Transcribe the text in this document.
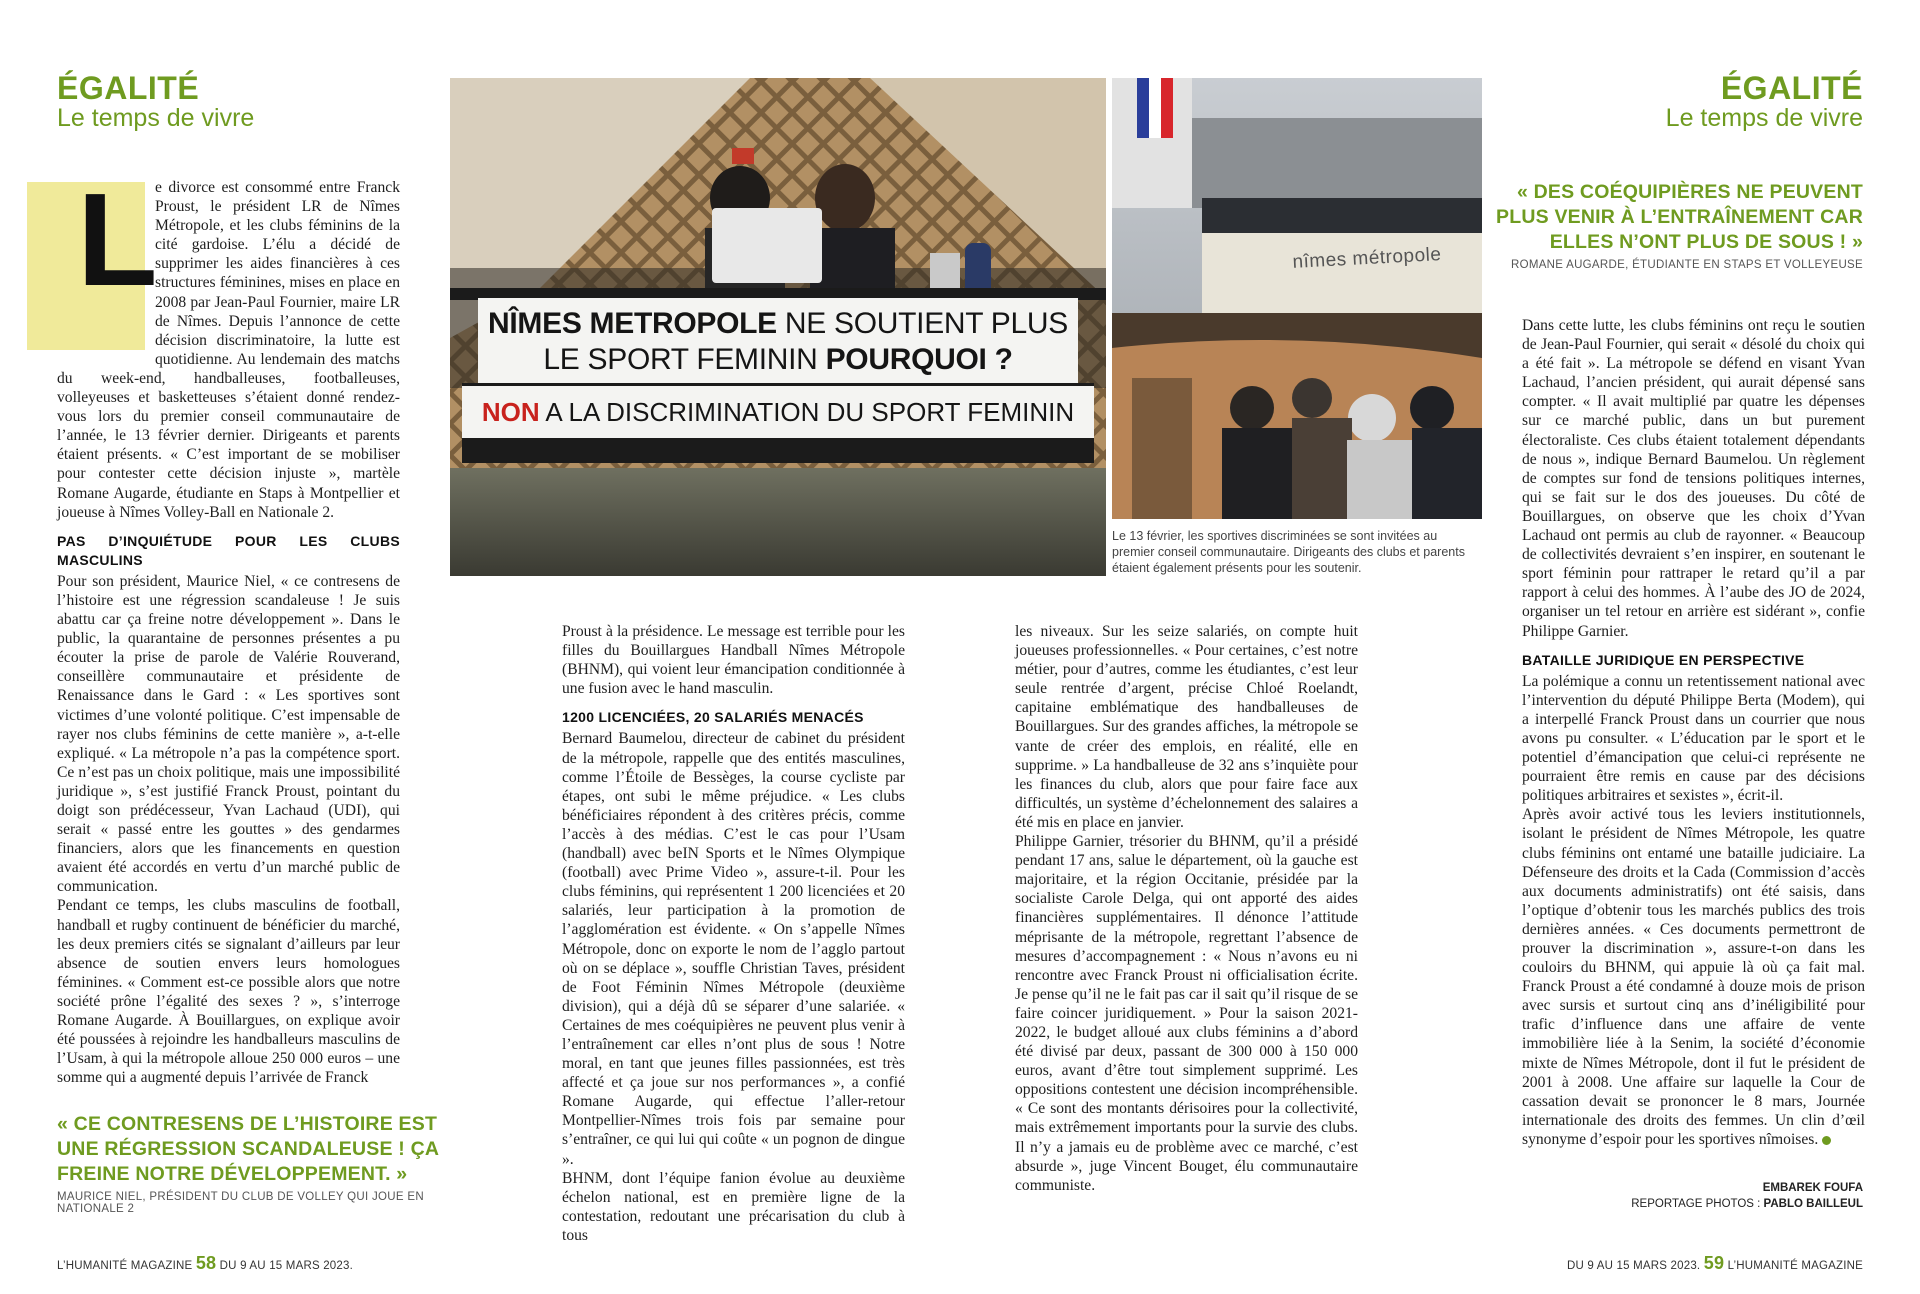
ÉGALITÉ
Le temps de vivre
ÉGALITÉ
Le temps de vivre
L

e divorce est consommé entre Franck Proust, le président LR de Nîmes Métropole, et les clubs féminins de la cité gardoise. L’élu a décidé de supprimer les aides financières à ces structures féminines, mises en place en 2008 par Jean-Paul Fournier, maire LR de Nîmes. Depuis l’annonce de cette décision discriminatoire, la lutte est quotidienne. Au lendemain des matchs du week-end, handballeuses, footballeuses, volleyeuses et basketteuses s’étaient donné rendez-vous lors du premier conseil communautaire de l’année, le 13 février dernier. Dirigeants et parents étaient présents. « C’est important de se mobiliser pour contester cette décision injuste », martèle Romane Augarde, étudiante en Staps à Montpellier et joueuse à Nîmes Volley-Ball en Nationale 2.

PAS D’INQUIÉTUDE POUR LES CLUBS MASCULINS

Pour son président, Maurice Niel, « ce contresens de l’histoire est une régression scandaleuse ! Je suis abattu car ça freine notre développement ». Dans le public, la quarantaine de personnes présentes a pu écouter la prise de parole de Valérie Rouverand, conseillère communautaire et présidente de Renaissance dans le Gard : « Les sportives sont victimes d’une volonté politique. C’est impensable de rayer nos clubs féminins de cette manière », a-t-elle expliqué. « La métropole n’a pas la compétence sport. Ce n’est pas un choix politique, mais une impossibilité juridique », s’est justifié Franck Proust, pointant du doigt son prédécesseur, Yvan Lachaud (UDI), qui serait « passé entre les gouttes » des gendarmes financiers, alors que les financements en question avaient été accordés en vertu d’un marché public de communication.

Pendant ce temps, les clubs masculins de football, handball et rugby continuent de bénéficier du marché, les deux premiers cités se signalant d’ailleurs par leur absence de soutien envers leurs homologues féminines. « Comment est-ce possible alors que notre société prône l’égalité des sexes ? », s’interroge Romane Augarde. À Bouillargues, on explique avoir été poussées à rejoindre les handballeurs masculins de l’Usam, à qui la métropole alloue 250 000 euros – une somme qui a augmenté depuis l’arrivée de Franck

« CE CONTRESENS DE L’HISTOIRE EST UNE RÉGRESSION SCANDALEUSE ! ÇA FREINE NOTRE DÉVELOPPEMENT. »
MAURICE NIEL, PRÉSIDENT DU CLUB DE VOLLEY QUI JOUE EN NATIONALE 2
NÎMES METROPOLE NE SOUTIENT PLUS
LE SPORT FEMININ POURQUOI ?
NON A LA DISCRIMINATION DU SPORT FEMININ
nîmes métropole
Le 13 février, les sportives discriminées se sont invitées au premier conseil communautaire. Dirigeants des clubs et parents étaient également présents pour les soutenir.

Proust à la présidence. Le message est terrible pour les filles du Bouillargues Handball Nîmes Métropole (BHNM), qui voient leur émancipation conditionnée à une fusion avec le hand masculin.

1200 LICENCIÉES, 20 SALARIÉS MENACÉS

Bernard Baumelou, directeur de cabinet du président de la métropole, rappelle que des entités masculines, comme l’Étoile de Bessèges, la course cycliste par étapes, ont subi le même préjudice. « Les clubs bénéficiaires répondent à des critères précis, comme l’accès à des médias. C’est le cas pour l’Usam (handball) avec beIN Sports et le Nîmes Olympique (football) avec Prime Video », assure-t-il. Pour les clubs féminins, qui représentent 1 200 licenciées et 20 salariés, leur participation à la promotion de l’agglomération est évidente. « On s’appelle Nîmes Métropole, donc on exporte le nom de l’agglo partout où on se déplace », souffle Christian Taves, président de Foot Féminin Nîmes Métropole (deuxième division), qui a déjà dû se séparer d’une salariée. « Certaines de mes coéquipières ne peuvent plus venir à l’entraînement car elles n’ont plus de sous ! Notre moral, en tant que jeunes filles passionnées, est très affecté et ça joue sur nos performances », a confié Romane Augarde, qui effectue l’aller-retour Montpellier-Nîmes trois fois par semaine pour s’entraîner, ce qui lui qui coûte « un pognon de dingue ».

BHNM, dont l’équipe fanion évolue au deuxième échelon national, est en première ligne de la contestation, redoutant une précarisation du club à tous

les niveaux. Sur les seize salariés, on compte huit joueuses professionnelles. « Pour certaines, c’est notre métier, pour d’autres, comme les étudiantes, c’est leur seule rentrée d’argent, précise Chloé Roelandt, capitaine emblématique des handballeuses de Bouillargues. Sur des grandes affiches, la métropole se vante de créer des emplois, en réalité, elle en supprime. » La handballeuse de 32 ans s’inquiète pour les finances du club, alors que pour faire face aux difficultés, un système d’échelonnement des salaires a été mis en place en janvier.

Philippe Garnier, trésorier du BHNM, qu’il a présidé pendant 17 ans, salue le département, où la gauche est majoritaire, et la région Occitanie, présidée par la socialiste Carole Delga, qui ont apporté des aides financières supplémentaires. Il dénonce l’attitude méprisante de la métropole, regrettant l’absence de mesures d’accompagnement : « Nous n’avons eu ni rencontre avec Franck Proust ni officialisation écrite. Je pense qu’il ne le fait pas car il sait qu’il risque de se faire coincer juridiquement. » Pour la saison 2021-2022, le budget alloué aux clubs féminins a d’abord été divisé par deux, passant de 300 000 à 150 000 euros, avant d’être tout simplement supprimé. Les oppositions contestent une décision incompréhensible. « Ce sont des montants dérisoires pour la collectivité, mais extrêmement importants pour la survie des clubs. Il n’y a jamais eu de problème avec ce marché, c’est absurde », juge Vincent Bouget, élu communautaire communiste.

« DES COÉQUIPIÈRES NE PEUVENT PLUS VENIR À L’ENTRAÎNEMENT CAR ELLES N’ONT PLUS DE SOUS ! »
ROMANE AUGARDE, ÉTUDIANTE EN STAPS ET VOLLEYEUSE

Dans cette lutte, les clubs féminins ont reçu le soutien de Jean-Paul Fournier, qui serait « désolé du choix qui a été fait ». La métropole se défend en visant Yvan Lachaud, l’ancien président, qui aurait dépensé sans compter. « Il avait multiplié par quatre les dépenses sur ce marché public, dans un but purement électoraliste. Ces clubs étaient totalement dépendants de nous », indique Bernard Baumelou. Un règlement de comptes sur fond de tensions politiques internes, qui se fait sur le dos des joueuses. Du côté de Bouillargues, on observe que les choix d’Yvan Lachaud ont permis au club de rayonner. « Beaucoup de collectivités devraient s’en inspirer, en soutenant le sport féminin pour rattraper le retard qu’il a par rapport à celui des hommes. À l’aube des JO de 2024, organiser un tel retour en arrière est sidérant », confie Philippe Garnier.

BATAILLE JURIDIQUE EN PERSPECTIVE

La polémique a connu un retentissement national avec l’intervention du député Philippe Berta (Modem), qui a interpellé Franck Proust dans un courrier que nous avons pu consulter. « L’éducation par le sport et le potentiel d’émancipation que celui-ci représente ne pourraient être remis en cause par des décisions politiques arbitraires et sexistes », écrit-il.

Après avoir activé tous les leviers institutionnels, isolant le président de Nîmes Métropole, les quatre clubs féminins ont entamé une bataille judiciaire. La Défenseure des droits et la Cada (Commission d’accès aux documents administratifs) ont été saisis, dans l’optique d’obtenir tous les marchés publics des trois dernières années. « Ces documents permettront de prouver la discrimination », assure-t-on dans les couloirs du BHNM, qui appuie là où ça fait mal. Franck Proust a été condamné à douze mois de prison avec sursis et surtout cinq ans d’inéligibilité pour trafic d’influence dans une affaire de vente immobilière liée à la Senim, la société d’économie mixte de Nîmes Métropole, dont il fut le président de 2001 à 2008. Une affaire sur laquelle la Cour de cassation devait se prononcer le 8 mars, Journée internationale des droits des femmes. Un clin d’œil synonyme d’espoir pour les sportives nîmoises.

EMBAREK FOUFA
REPORTAGE PHOTOS : PABLO BAILLEUL
L’HUMANITÉ MAGAZINE 58 DU 9 AU 15 MARS 2023.	DU 9 AU 15 MARS 2023. 59 L’HUMANITÉ MAGAZINE
